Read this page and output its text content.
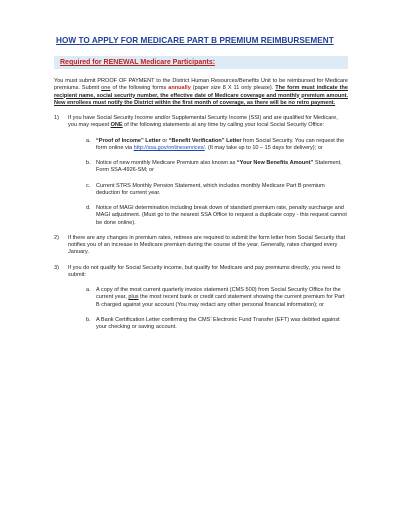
HOW TO APPLY FOR MEDICARE PART B PREMIUM REIMBURSEMENT
Required for RENEWAL Medicare Participants:

You must submit PROOF OF PAYMENT to the District Human Resources/Benefits Unit to be reimbursed for Medicare premiums. Submit one of the following forms annually (paper size 8 X 11 only please). The form must indicate the recipient name, social security number, the effective date of Medicare coverage and monthly premium amount. New enrollees must notify the District within the first month of coverage, as there will be no retro payment.

1) If you have Social Security Income and/or Supplemental Security Income (SSI) and are qualified for Medicare, you may request ONE of the following statements at any time by calling your local Social Security Office:
a. “Proof of Income” Letter or “Benefit Verification” Letter from Social Security. You can request the form online via http://ssa.gov/onlineservices/. (It may take up to 10 – 15 days for delivery); or
b. Notice of new monthly Medicare Premium also known as “Your New Benefits Amount” Statement, Form SSA-4926-SM; or
c. Current STRS Monthly Pension Statement, which includes monthly Medicare Part B premium deduction for current year.
d. Notice of MAGI determination including break down of standard premium rate, penalty surcharge and MAGI adjustment. (Must go to the nearest SSA Office to request a duplicate copy - this request cannot be done online).
2) If there are any changes in premium rates, retirees are required to submit the form letter from Social Security that notifies you of an increase in Medicare premium during the course of the year. Generally, rates changed every January.
3) If you do not qualify for Social Security income, but qualify for Medicare and pay premiums directly, you need to submit:
a. A copy of the most current quarterly invoice statement (CMS 500) from Social Security Office for the current year, plus the most recent bank or credit card statement showing the current premium for Part B charged against your account (You may redact any other personal financial information); or
b. A Bank Certification Letter confirming the CMS’ Electronic Fund Transfer (EFT) was debited against your checking or saving account.
